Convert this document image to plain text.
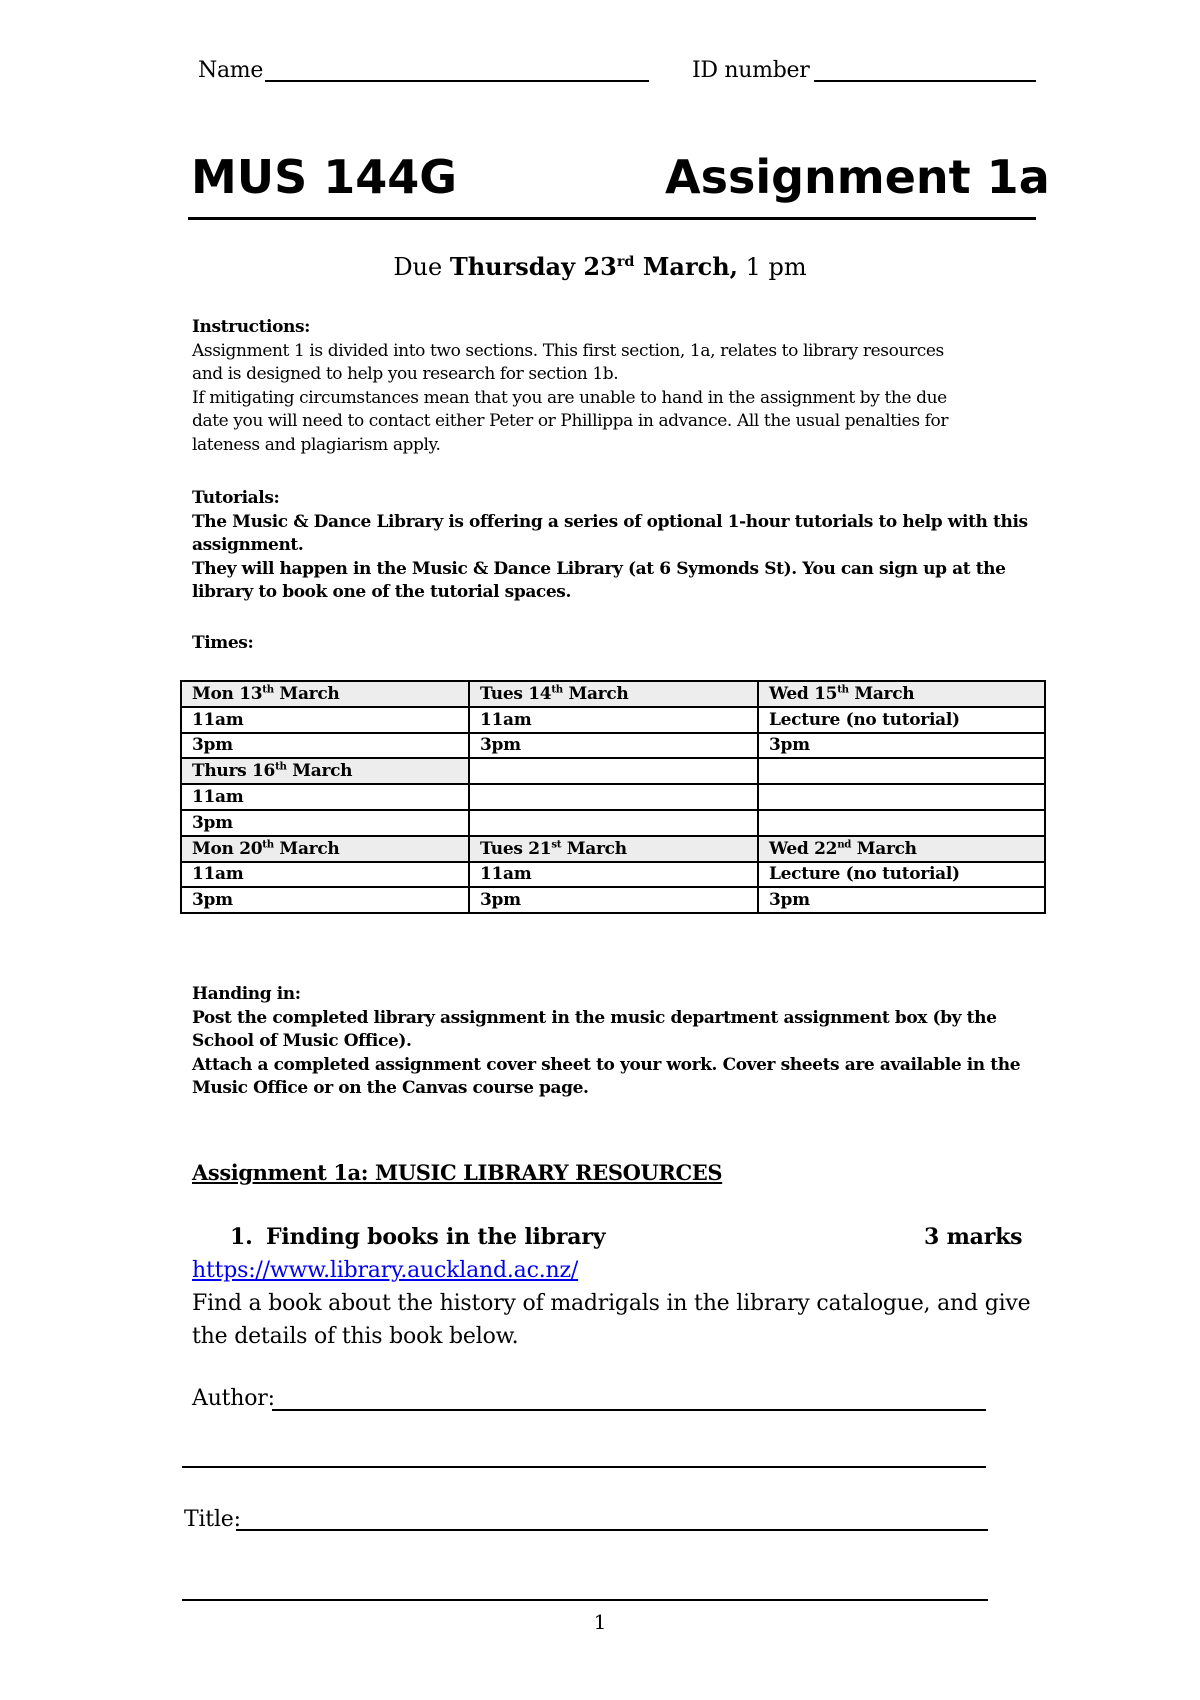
Name	ID number
MUS 144G	Assignment 1a
Due Thursday 23rd March, 1 pm
Instructions:
Assignment 1 is divided into two sections. This first section, 1a, relates to library resources
and is designed to help you research for section 1b.
If mitigating circumstances mean that you are unable to hand in the assignment by the due
date you will need to contact either Peter or Phillippa in advance. All the usual penalties for
lateness and plagiarism apply.
Tutorials:
The Music & Dance Library is offering a series of optional 1-hour tutorials to help with this
assignment.
They will happen in the Music & Dance Library (at 6 Symonds St). You can sign up at the
library to book one of the tutorial spaces.
Times:
Mon 13th March	Tues 14th March	Wed 15th March
11am	11am	Lecture (no tutorial)
3pm	3pm	3pm
Thurs 16th March		
11am		
3pm		
Mon 20th March	Tues 21st March	Wed 22nd March
11am	11am	Lecture (no tutorial)
3pm	3pm	3pm
Handing in:
Post the completed library assignment in the music department assignment box (by the
School of Music Office).
Attach a completed assignment cover sheet to your work. Cover sheets are available in the
Music Office or on the Canvas course page.
Assignment 1a: MUSIC LIBRARY RESOURCES
1. Finding books in the library	3 marks
https://www.library.auckland.ac.nz/
Find a book about the history of madrigals in the library catalogue, and give
the details of this book below.
Author:
Title:
1
